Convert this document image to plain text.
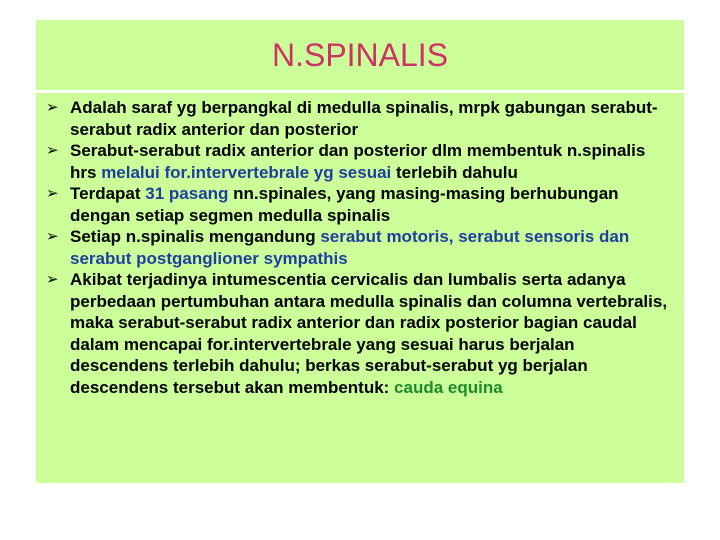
N.SPINALIS
➢ Adalah saraf yg berpangkal di medulla spinalis, mrpk gabungan serabut-serabut radix anterior dan posterior
➢ Serabut-serabut radix anterior dan posterior dlm membentuk n.spinalis hrs melalui for.intervertebrale yg sesuai terlebih dahulu
➢ Terdapat 31 pasang nn.spinales, yang masing-masing berhubungan dengan setiap segmen medulla spinalis
➢ Setiap n.spinalis mengandung serabut motoris, serabut sensoris dan serabut postganglioner sympathis
➢ Akibat terjadinya intumescentia cervicalis dan lumbalis serta adanya perbedaan pertumbuhan antara medulla spinalis dan columna vertebralis, maka serabut-serabut radix anterior dan radix posterior bagian caudal dalam mencapai for.intervertebrale yang sesuai harus berjalan descendens terlebih dahulu; berkas serabut-serabut yg berjalan descendens tersebut akan membentuk: cauda equina
